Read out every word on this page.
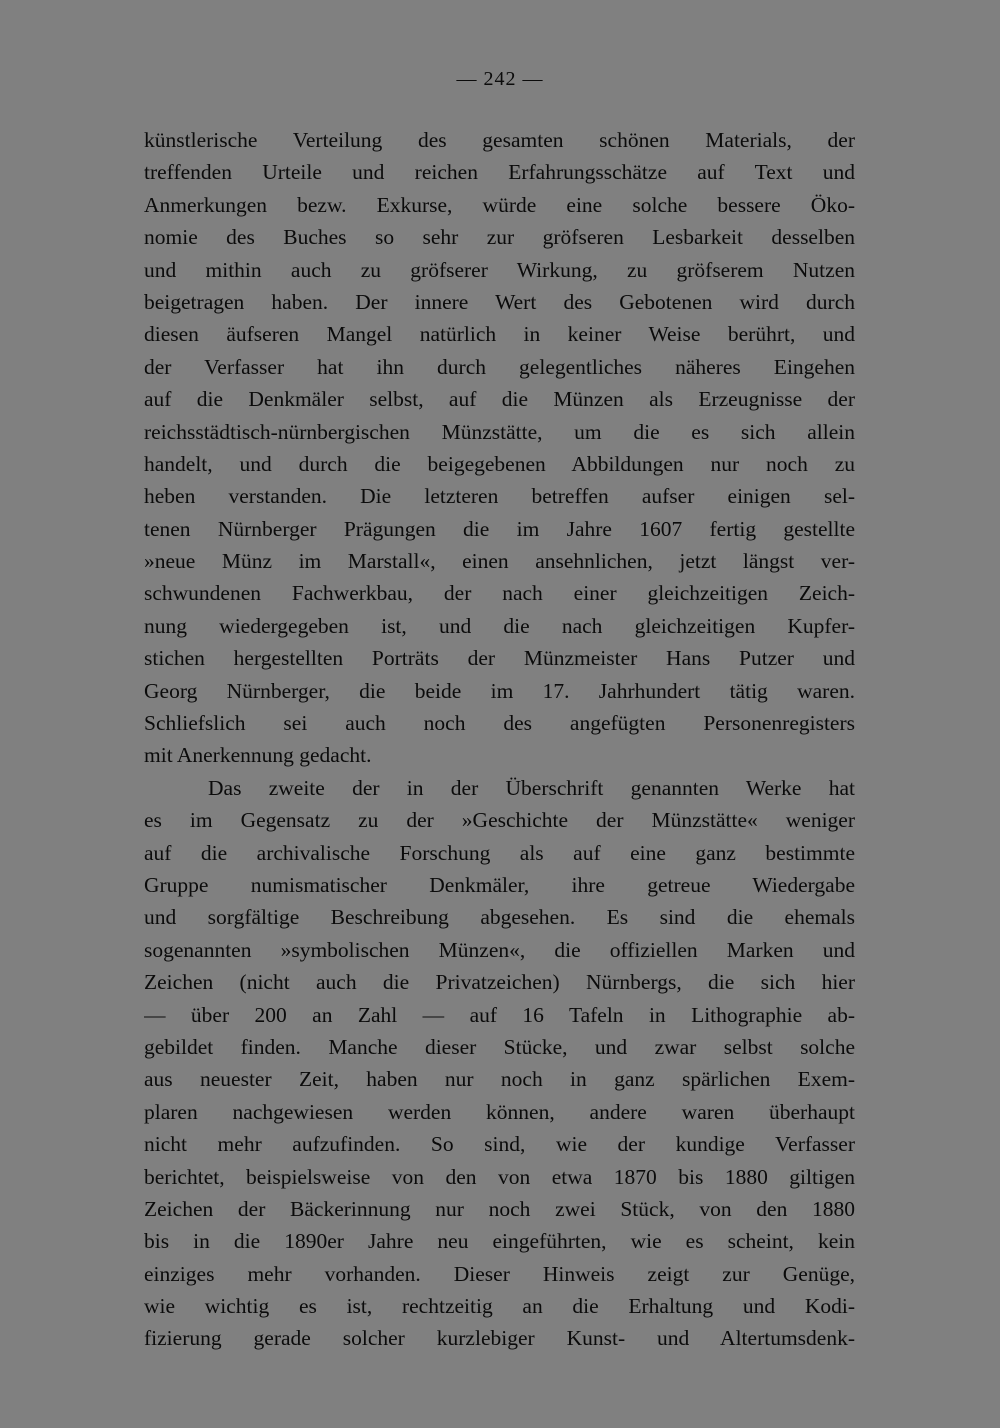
— 242 —
künstlerische Verteilung des gesamten schönen Materials, der
treffenden Urteile und reichen Erfahrungsschätze auf Text und
Anmerkungen bezw. Exkurse, würde eine solche bessere Öko-
nomie des Buches so sehr zur gröfseren Lesbarkeit desselben
und mithin auch zu gröfserer Wirkung, zu gröfserem Nutzen
beigetragen haben. Der innere Wert des Gebotenen wird durch
diesen äufseren Mangel natürlich in keiner Weise berührt, und
der Verfasser hat ihn durch gelegentliches näheres Eingehen
auf die Denkmäler selbst, auf die Münzen als Erzeugnisse der
reichsstädtisch-nürnbergischen Münzstätte, um die es sich allein
handelt, und durch die beigegebenen Abbildungen nur noch zu
heben verstanden. Die letzteren betreffen aufser einigen sel-
tenen Nürnberger Prägungen die im Jahre 1607 fertig gestellte
»neue Münz im Marstall«, einen ansehnlichen, jetzt längst ver-
schwundenen Fachwerkbau, der nach einer gleichzeitigen Zeich-
nung wiedergegeben ist, und die nach gleichzeitigen Kupfer-
stichen hergestellten Porträts der Münzmeister Hans Putzer und
Georg Nürnberger, die beide im 17. Jahrhundert tätig waren.
Schliefslich sei auch noch des angefügten Personenregisters
mit Anerkennung gedacht.
Das zweite der in der Überschrift genannten Werke hat
es im Gegensatz zu der »Geschichte der Münzstätte« weniger
auf die archivalische Forschung als auf eine ganz bestimmte
Gruppe numismatischer Denkmäler, ihre getreue Wiedergabe
und sorgfältige Beschreibung abgesehen. Es sind die ehemals
sogenannten »symbolischen Münzen«, die offiziellen Marken und
Zeichen (nicht auch die Privatzeichen) Nürnbergs, die sich hier
— über 200 an Zahl — auf 16 Tafeln in Lithographie ab-
gebildet finden. Manche dieser Stücke, und zwar selbst solche
aus neuester Zeit, haben nur noch in ganz spärlichen Exem-
plaren nachgewiesen werden können, andere waren überhaupt
nicht mehr aufzufinden. So sind, wie der kundige Verfasser
berichtet, beispielsweise von den von etwa 1870 bis 1880 giltigen
Zeichen der Bäckerinnung nur noch zwei Stück, von den 1880
bis in die 1890er Jahre neu eingeführten, wie es scheint, kein
einziges mehr vorhanden. Dieser Hinweis zeigt zur Genüge,
wie wichtig es ist, rechtzeitig an die Erhaltung und Kodi-
fizierung gerade solcher kurzlebiger Kunst- und Altertumsdenk-
